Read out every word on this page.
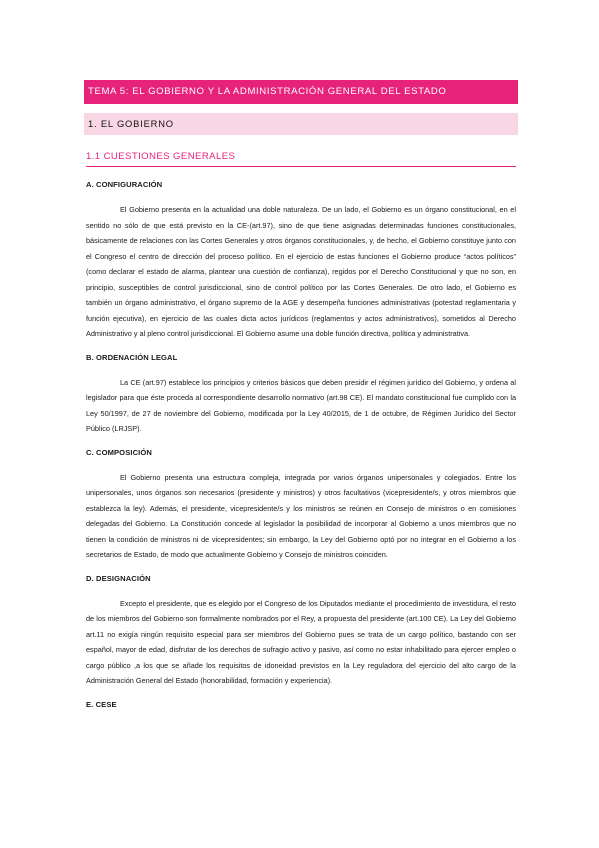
TEMA 5: EL GOBIERNO Y LA ADMINISTRACIÓN GENERAL DEL ESTADO
1. EL GOBIERNO
1.1 CUESTIONES GENERALES
A. CONFIGURACIÓN
El Gobierno presenta en la actualidad una doble naturaleza. De un lado, el Gobierno es un órgano constitucional, en el sentido no sólo de que está previsto en la CE-(art.97), sino de que tiene asignadas determinadas funciones constitucionales, básicamente de relaciones con las Cortes Generales y otros órganos constitucionales, y, de hecho, el Gobierno constituye junto con el Congreso el centro de dirección del proceso político. En el ejercicio de estas funciones el Gobierno produce “actos políticos” (como declarar el estado de alarma, plantear una cuestión de confianza), regidos por el Derecho Constitucional y que no son, en principio, susceptibles de control jurisdiccional, sino de control político por las Cortes Generales. De otro lado, el Gobierno es también un órgano administrativo, el órgano supremo de la AGE y desempeña funciones administrativas (potestad reglamentaria y función ejecutiva), en ejercicio de las cuales dicta actos jurídicos (reglamentos y actos administrativos), sometidos al Derecho Administrativo y al pleno control jurisdiccional. El Gobierno asume una doble función directiva, política y administrativa.
B. ORDENACIÓN LEGAL
La CE (art.97) establece los principios y criterios básicos que deben presidir el régimen jurídico del Gobierno, y ordena al legislador para que éste proceda al correspondiente desarrollo normativo (art.98 CE). El mandato constitucional fue cumplido con la Ley 50/1997, de 27 de noviembre del Gobierno, modificada por la Ley 40/2015, de 1 de octubre, de Régimen Jurídico del Sector Público (LRJSP).
C. COMPOSICIÓN
El Gobierno presenta una estructura compleja, integrada por varios órganos unipersonales y colegiados. Entre los unipersonales, unos órganos son necesarios (presidente y ministros) y otros facultativos (vicepresidente/s, y otros miembros que establezca la ley). Además, el presidente, vicepresidente/s y los ministros se reúnen en Consejo de ministros o en comisiones delegadas del Gobierno. La Constitución concede al legislador la posibilidad de incorporar al Gobierno a unos miembros que no tienen la condición de ministros ni de vicepresidentes; sin embargo, la Ley del Gobierno optó por no integrar en el Gobierno a los secretarios de Estado, de modo que actualmente Gobierno y Consejo de ministros coinciden.
D. DESIGNACIÓN
Excepto el presidente, que es elegido por el Congreso de los Diputados mediante el procedimiento de investidura, el resto de los miembros del Gobierno son formalmente nombrados por el Rey, a propuesta del presidente (art.100 CE). La Ley del Gobierno art.11 no exigía ningún requisito especial para ser miembros del Gobierno pues se trata de un cargo político, bastando con ser español, mayor de edad, disfrutar de los derechos de sufragio activo y pasivo, así como no estar inhabilitado para ejercer empleo o cargo público ,a los que se añade los requisitos de idoneidad previstos en la Ley reguladora del ejercicio del alto cargo de la Administración General del Estado (honorabilidad, formación y experiencia).
E. CESE
